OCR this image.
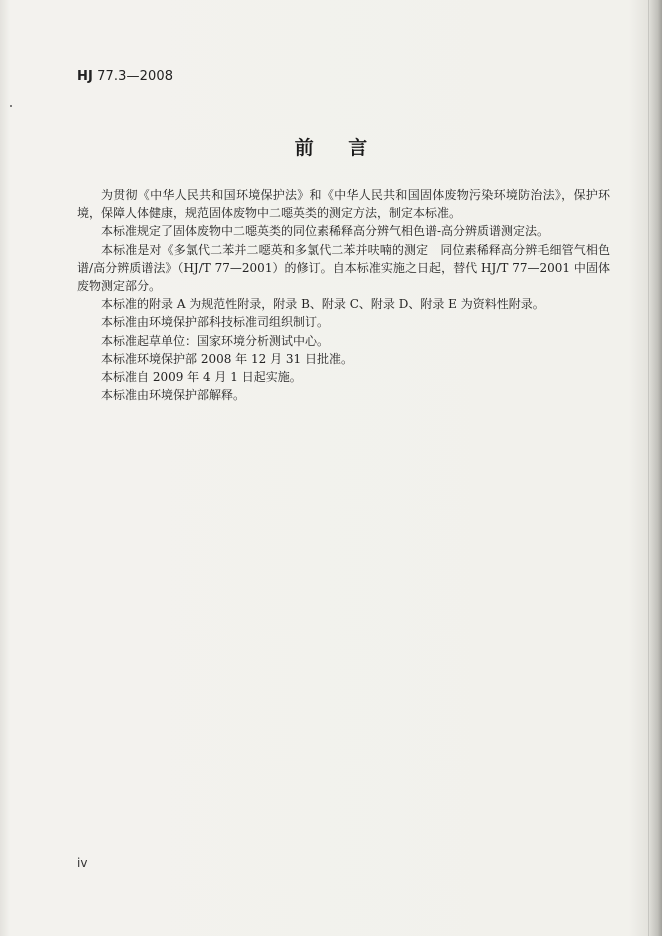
HJ 77.3—2008
前 言

为贯彻《中华人民共和国环境保护法》和《中华人民共和国固体废物污染环境防治法》，保护环境，保障人体健康，规范固体废物中二噁英类的测定方法，制定本标准。

本标准规定了固体废物中二噁英类的同位素稀释高分辨气相色谱-高分辨质谱测定法。

本标准是对《多氯代二苯并二噁英和多氯代二苯并呋喃的测定　同位素稀释高分辨毛细管气相色谱/高分辨质谱法》（HJ/T 77—2001）的修订。自本标准实施之日起，替代 HJ/T 77—2001 中固体废物测定部分。

本标准的附录 A 为规范性附录，附录 B、附录 C、附录 D、附录 E 为资料性附录。

本标准由环境保护部科技标准司组织制订。

本标准起草单位：国家环境分析测试中心。

本标准环境保护部 2008 年 12 月 31 日批准。

本标准自 2009 年 4 月 1 日起实施。

本标准由环境保护部解释。

iv
